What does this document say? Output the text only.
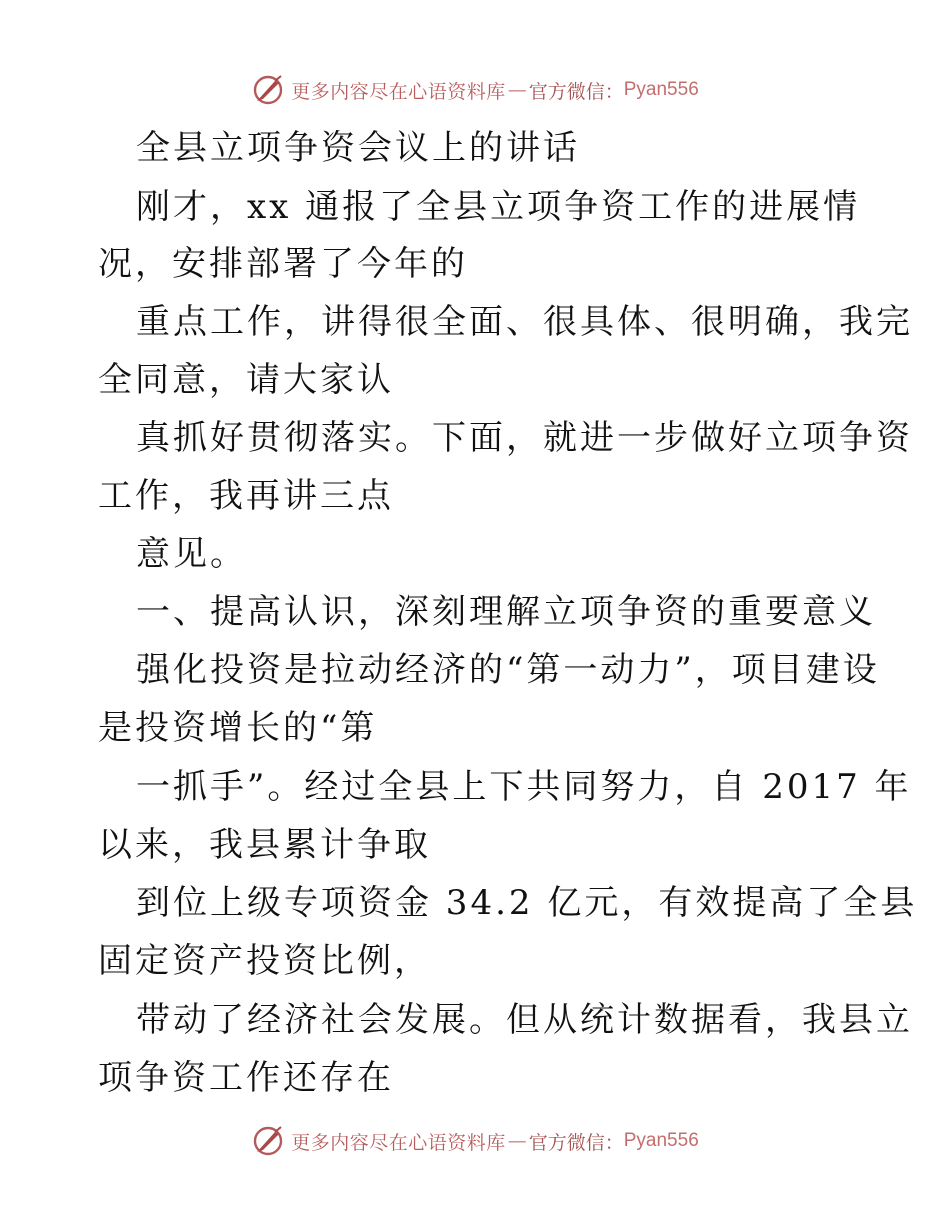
更多内容尽在心语资料库 — 官方微信： Pyan556
全县立项争资会议上的讲话
刚才，xx 通报了全县立项争资工作的进展情
况，安排部署了今年的
重点工作，讲得很全面、很具体、很明确，我完
全同意，请大家认
真抓好贯彻落实。下面，就进一步做好立项争资
工作，我再讲三点
意见。
一、提高认识，深刻理解立项争资的重要意义
强化投资是拉动经济的“第一动力”，项目建设
是投资增长的“第
一抓手”。经过全县上下共同努力，自 2017 年
以来，我县累计争取
到位上级专项资金 34.2 亿元，有效提高了全县
固定资产投资比例，
带动了经济社会发展。但从统计数据看，我县立
项争资工作还存在
更多内容尽在心语资料库 — 官方微信： Pyan556
